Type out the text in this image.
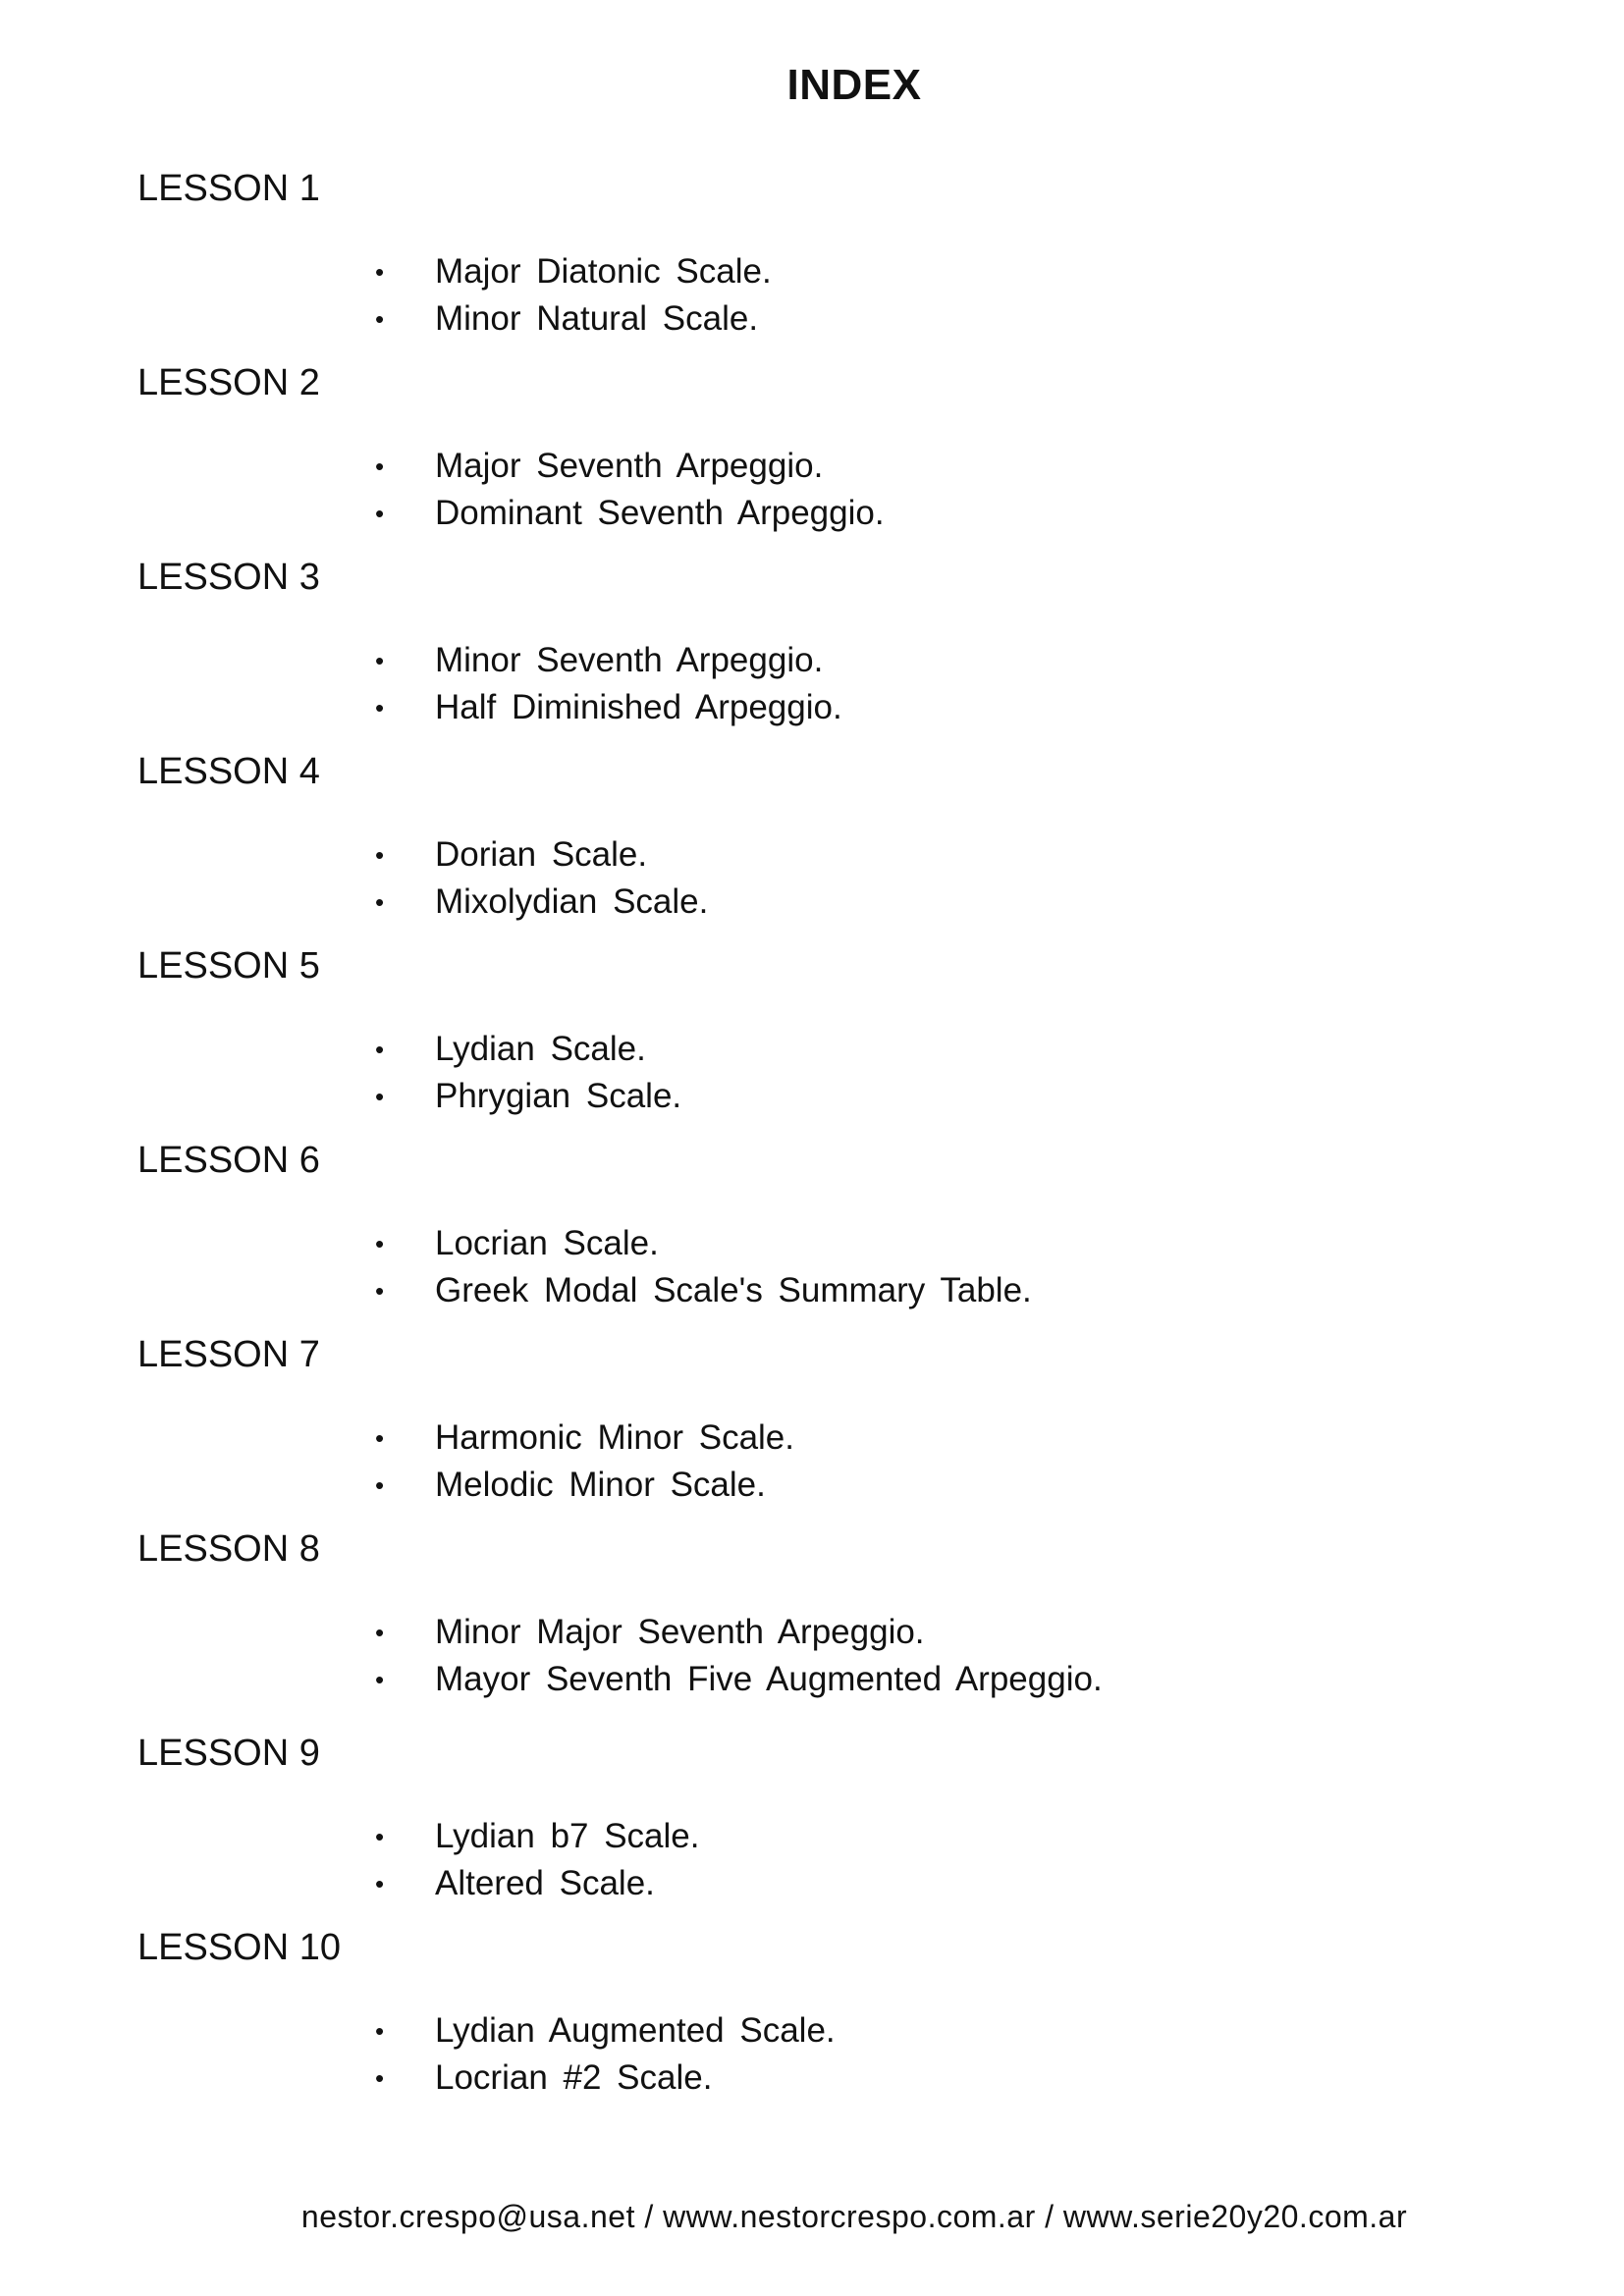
INDEX
LESSON 1
• Major Diatonic Scale.
• Minor Natural Scale.
LESSON 2
• Major Seventh Arpeggio.
• Dominant Seventh Arpeggio.
LESSON 3
• Minor Seventh Arpeggio.
• Half Diminished Arpeggio.
LESSON 4
• Dorian Scale.
• Mixolydian Scale.
LESSON 5
• Lydian Scale.
• Phrygian Scale.
LESSON 6
• Locrian Scale.
• Greek Modal Scale's Summary Table.
LESSON 7
• Harmonic Minor Scale.
• Melodic Minor Scale.
LESSON 8
• Minor Major Seventh Arpeggio.
• Mayor Seventh Five Augmented Arpeggio.
LESSON 9
• Lydian b7 Scale.
• Altered Scale.
LESSON 10
• Lydian Augmented Scale.
• Locrian #2 Scale.
nestor.crespo@usa.net / www.nestorcrespo.com.ar / www.serie20y20.com.ar
